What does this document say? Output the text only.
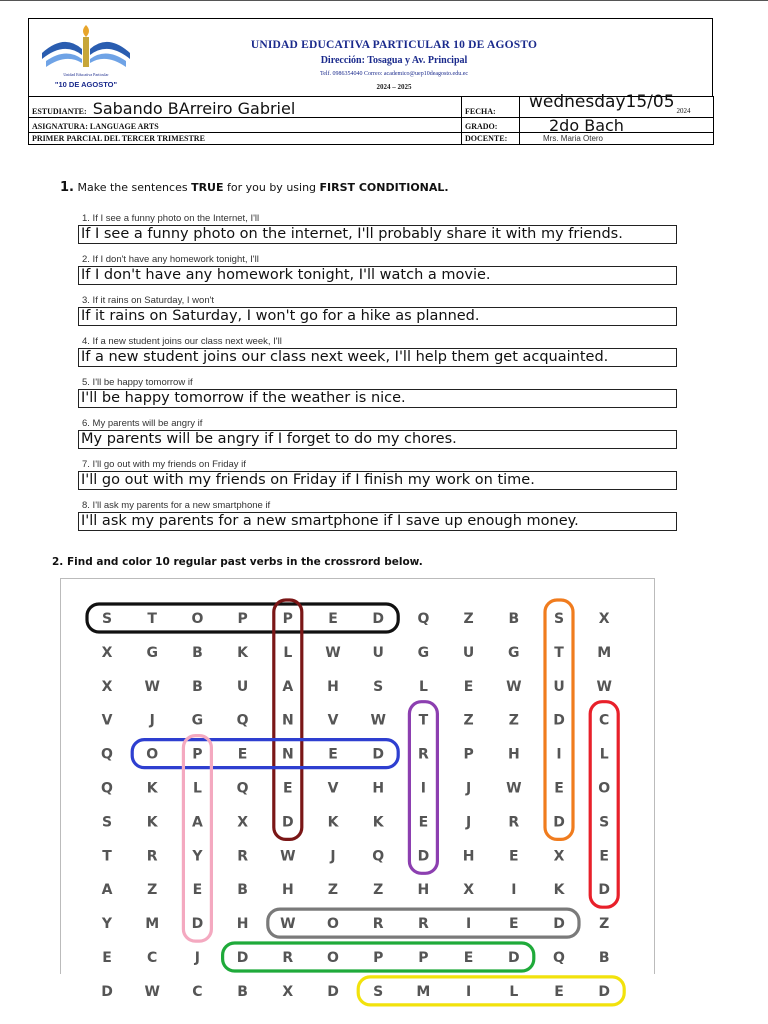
Unidad Educativa Particular
"10 DE AGOSTO"
UNIDAD EDUCATIVA PARTICULAR 10 DE AGOSTO
Dirección: Tosagua y Av. Principal
Telf. 0986354040 Correo: academico@uep10deagosto.edu.ec
2024 – 2025
ESTUDIANTE: Sabando BArreiro Gabriel	FECHA:	wednesday15/05 2024
ASIGNATURA: LANGUAGE ARTS	GRADO:	2do Bach
PRIMER PARCIAL DEL TERCER TRIMESTRE	DOCENTE:	Mrs. Maria Otero
1. Make the sentences TRUE for you by using FIRST CONDITIONAL.
1. If I see a funny photo on the Internet, I'll
If I see a funny photo on the internet, I'll probably share it with my friends.
2. If I don't have any homework tonight, I'll
If I don't have any homework tonight, I'll watch a movie.
3. If it rains on Saturday, I won't
If it rains on Saturday, I won't go for a hike as planned.
4. If a new student joins our class next week, I'll
If a new student joins our class next week, I'll help them get acquainted.
5. I'll be happy tomorrow if
I'll be happy tomorrow if the weather is nice.
6. My parents will be angry if
My parents will be angry if I forget to do my chores.
7. I'll go out with my friends on Friday if
I'll go out with my friends on Friday if I finish my work on time.
8. I'll ask my parents for a new smartphone if
I'll ask my parents for a new smartphone if I save up enough money.
2. Find and color 10 regular past verbs in the crossrord below.
S	T O P P	E D Q Z B S X
X G B K	L W U G U G T M
X W B U A H S	L	E W U W
V	J	G Q N V W T	Z	Z D C
Q O P	E N E D R P H	I	L
Q K	L Q E V H	I	J W E O
S K A X D K K E	J	R D S
T	R Y R W J	Q D H E	X	E
A Z	E	B H Z	Z H X	I	K D
Y M D H W O R R	I	E D Z
E	C	J	D R O P P	E D Q B
D W C B X D S M	I	L	E D
